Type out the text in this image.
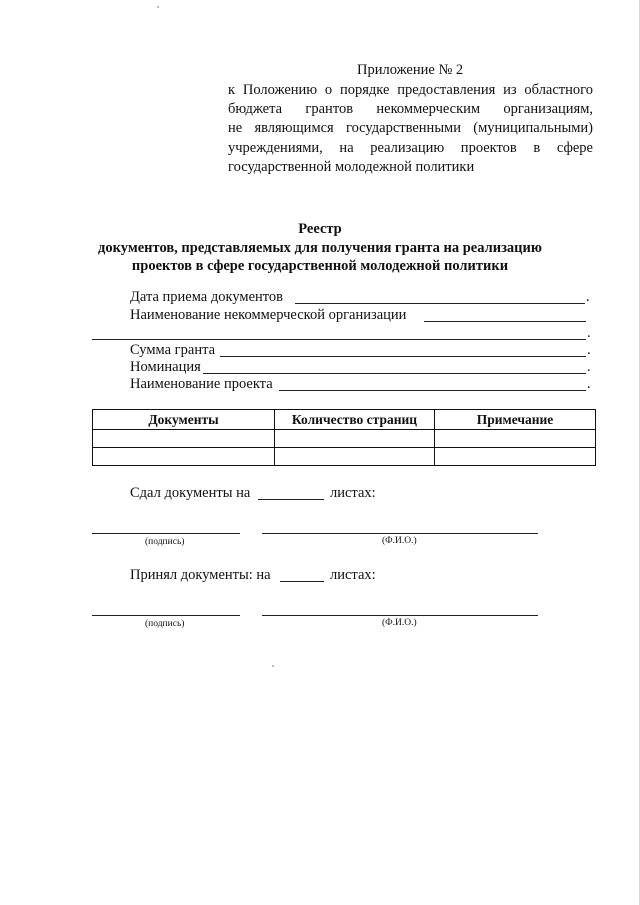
Приложение № 2
к Положению о порядке предоставления из областного
бюджета грантов некоммерческим организациям,
не являющимся государственными (муниципальными)
учреждениями, на реализацию проектов в сфере
государственной молодежной политики
Реестр
документов, представляемых для получения гранта на реализацию
проектов в сфере государственной молодежной политики
Дата приема документов	.
Наименование некоммерческой организации
.
Сумма гранта	.
Номинация	.
Наименование проекта	.
Документы	Количество страниц	Примечание

Сдал документы на	листах:
(подпись)	(Ф.И.О.)
Принял документы: на	листах:
(подпись)	(Ф.И.О.)
